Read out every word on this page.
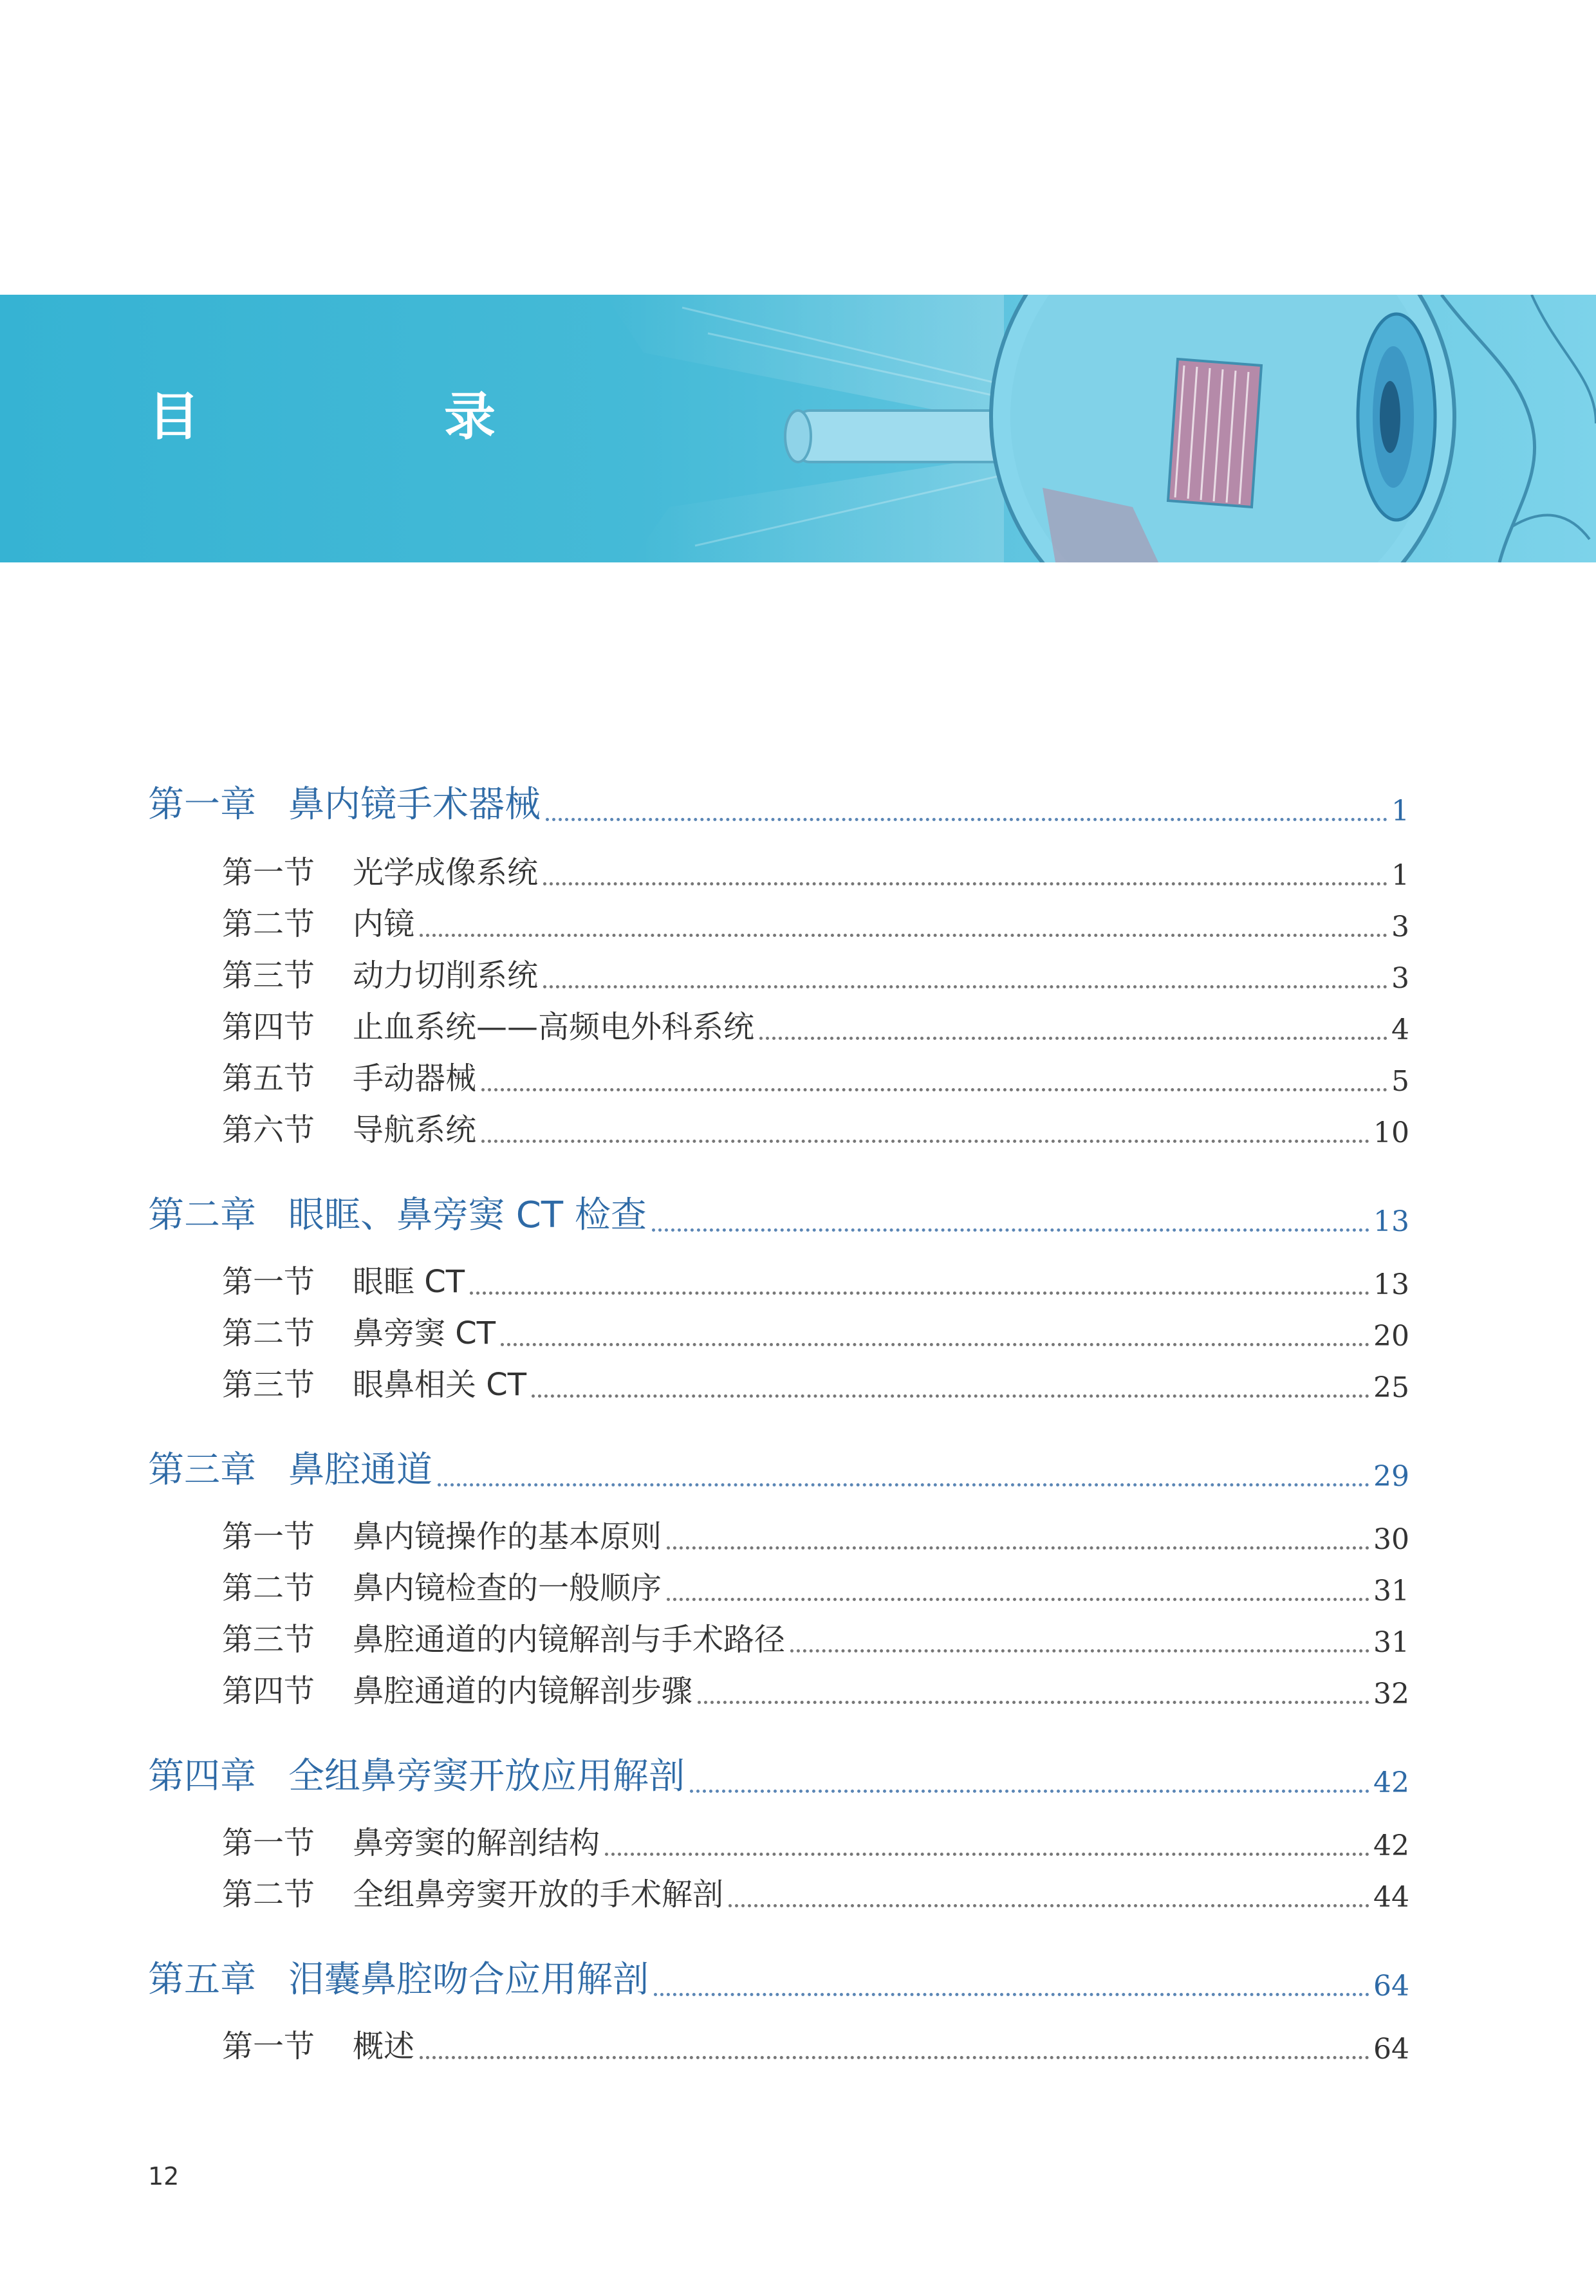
目　录
第一章 鼻内镜手术器械	1
第一节	光学成像系统	1
第二节	内镜	3
第三节	动力切削系统	3
第四节	止血系统——高频电外科系统	4
第五节	手动器械	5
第六节	导航系统	10
第二章 眼眶、鼻旁窦 CT 检查	13
第一节	眼眶 CT	13
第二节	鼻旁窦 CT	20
第三节	眼鼻相关 CT	25
第三章 鼻腔通道	29
第一节	鼻内镜操作的基本原则	30
第二节	鼻内镜检查的一般顺序	31
第三节	鼻腔通道的内镜解剖与手术路径	31
第四节	鼻腔通道的内镜解剖步骤	32
第四章 全组鼻旁窦开放应用解剖	42
第一节	鼻旁窦的解剖结构	42
第二节	全组鼻旁窦开放的手术解剖	44
第五章 泪囊鼻腔吻合应用解剖	64
第一节	概述	64

12
